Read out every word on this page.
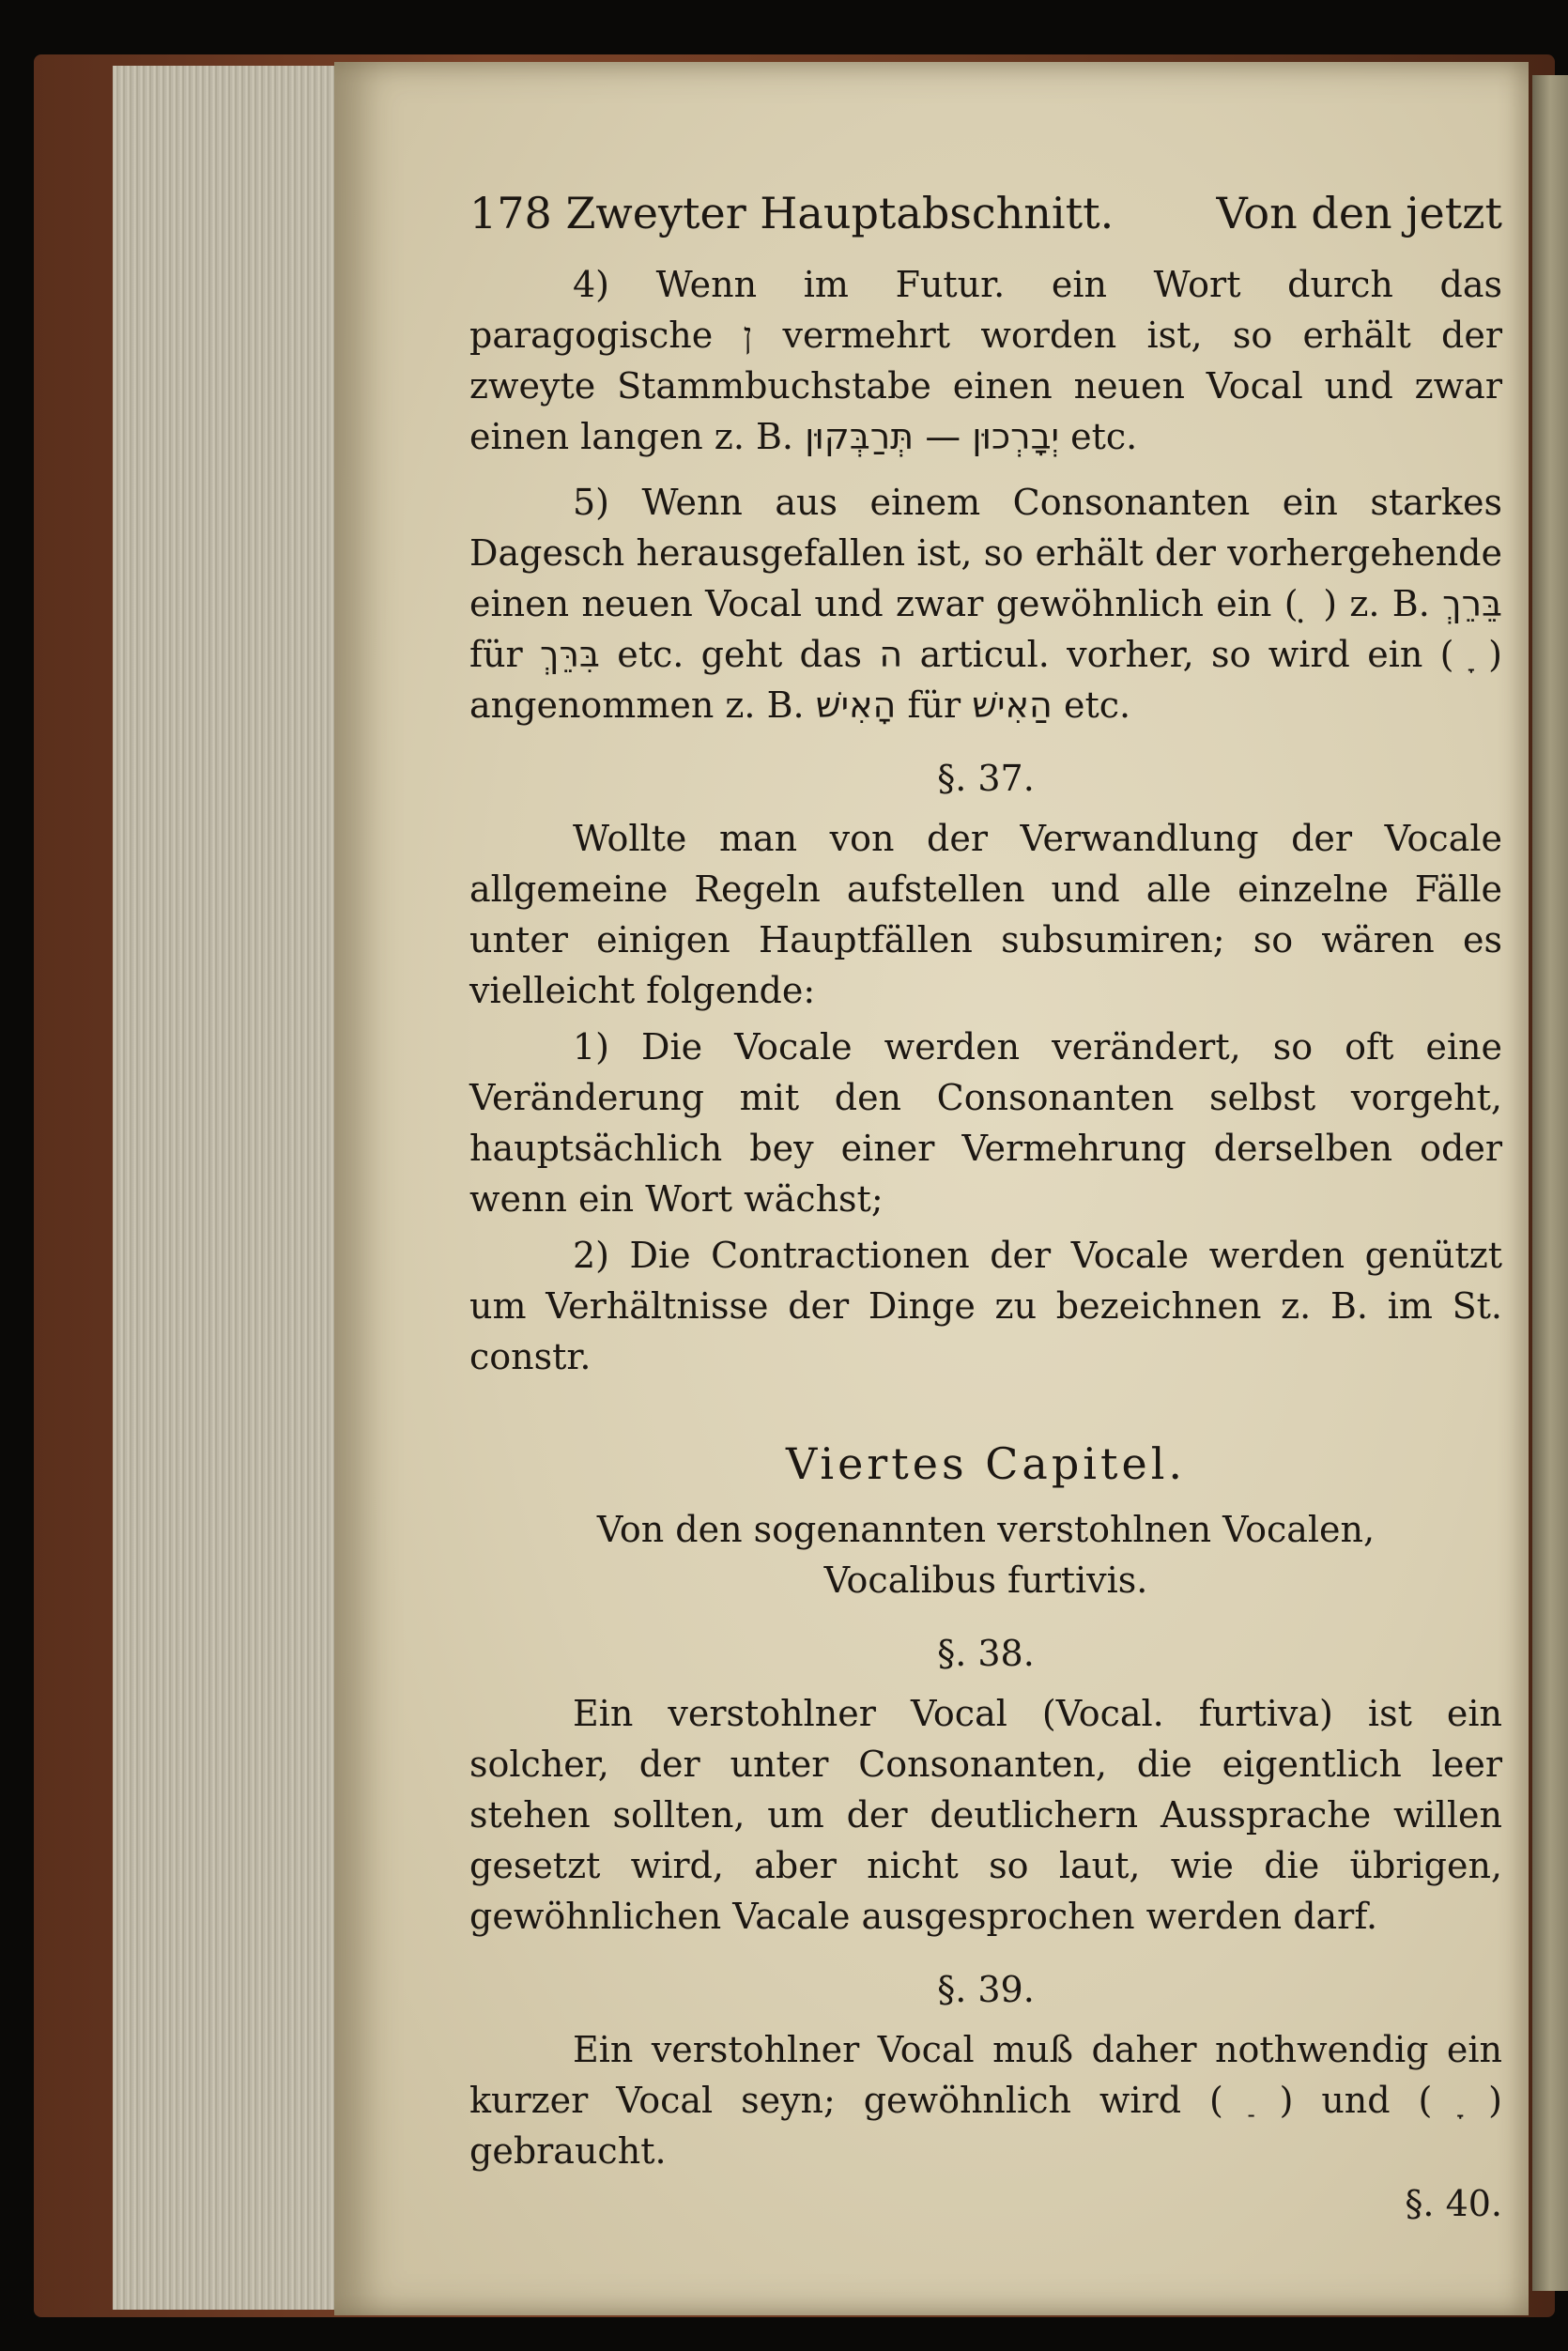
178 Zweyter Hauptabschnitt. Von den jetzt

4) Wenn im Futur. ein Wort durch das paragogische ן vermehrt worden ist, so erhält der zweyte Stammbuchstabe einen neuen Vocal und zwar einen langen z. B. יְבָרְכוּן — תְּרַבְּקוּן etc.

5) Wenn aus einem Consonanten ein starkes Dagesch herausgefallen ist, so erhält der vorhergehende einen neuen Vocal und zwar gewöhnlich ein ( ̣ ) z. B. בֵּרֵךְ für בִּרֵּךְ etc. geht das ה articul. vorher, so wird ein ( ָ ) angenommen z. B. הָאִישׁ für הַאִישׁ etc.

§. 37.

Wollte man von der Verwandlung der Vocale allgemeine Regeln aufstellen und alle einzelne Fälle unter einigen Hauptfällen subsumiren; so wären es vielleicht folgende:

1) Die Vocale werden verändert, so oft eine Veränderung mit den Consonanten selbst vorgeht, hauptsächlich bey einer Vermehrung derselben oder wenn ein Wort wächst;

2) Die Contractionen der Vocale werden genützt um Verhältnisse der Dinge zu bezeichnen z. B. im St. constr.

Viertes Capitel.

Von den sogenannten verstohlnen Vocalen,

Vocalibus furtivis.

§. 38.

Ein verstohlner Vocal (Vocal. furtiva) ist ein solcher, der unter Consonanten, die eigentlich leer stehen sollten, um der deutlichern Aussprache willen gesetzt wird, aber nicht so laut, wie die übrigen, gewöhnlichen Vacale ausgesprochen werden darf.

§. 39.

Ein verstohlner Vocal muß daher nothwendig ein kurzer Vocal seyn; gewöhnlich wird ( ַ ) und ( ָ ) gebraucht.

§. 40.
